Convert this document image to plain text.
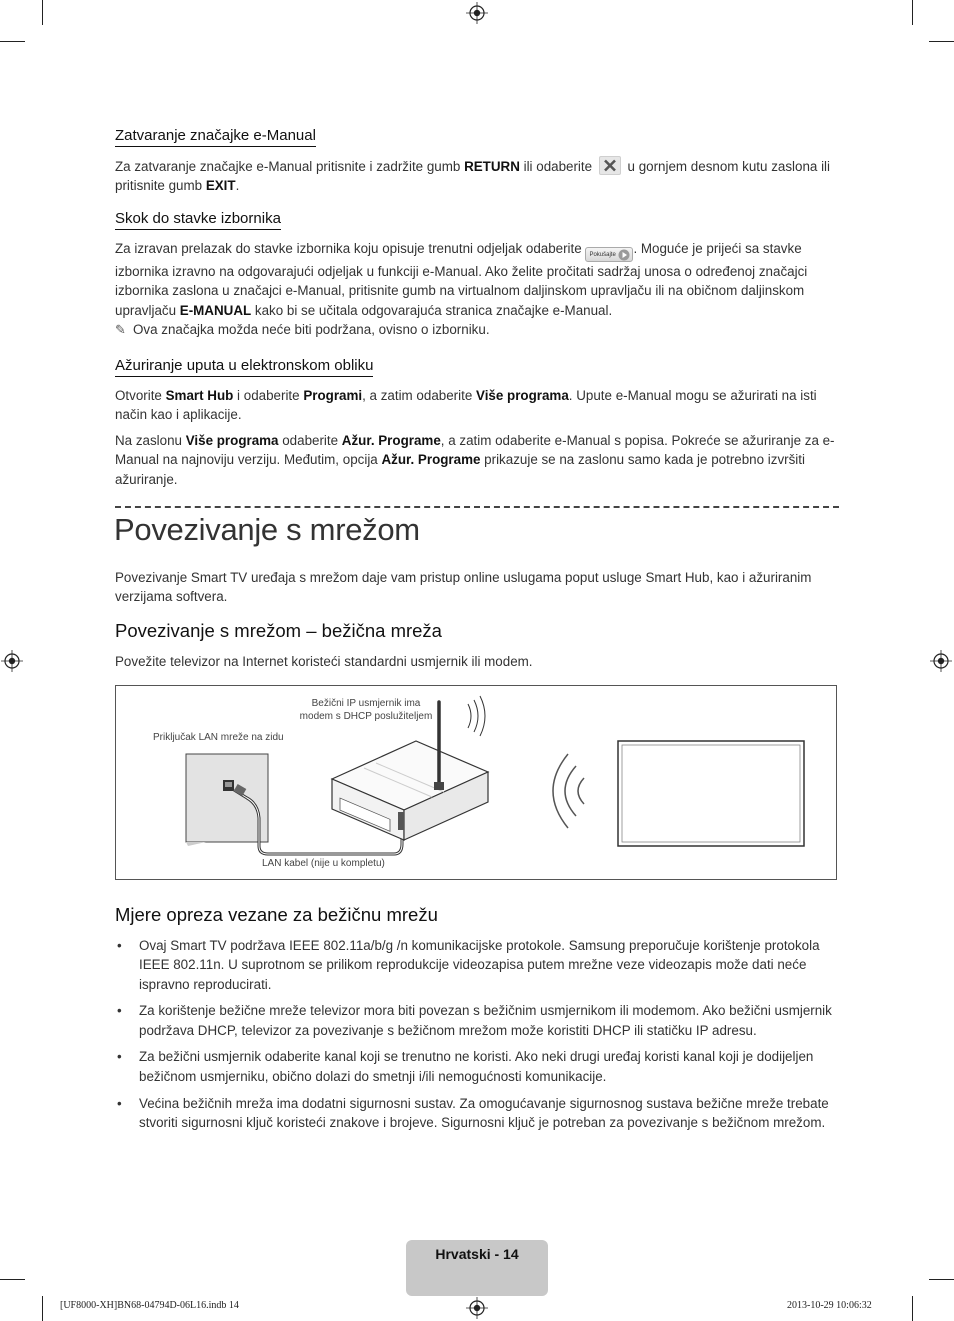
Zatvaranje značajke e-Manual
Za zatvaranje značajke e-Manual pritisnite i zadržite gumb RETURN ili odaberite
u gornjem desnom kutu zaslona ili pritisnite gumb EXIT.
Skok do stavke izbornika
Za izravan prelazak do stavke izbornika koju opisuje trenutni odjeljak odaberite Pokušajte . Moguće je prijeći sa stavke izbornika izravno na odgovarajući odjeljak u funkciji e-Manual. Ako želite pročitati sadržaj unosa o određenoj značajci izbornika zaslona u značajci e-Manual, pritisnite gumb na virtualnom daljinskom upravljaču ili na običnom daljinskom upravljaču E-MANUAL kako bi se učitala odgovarajuća stranica značajke e-Manual.
✎ Ova značajka možda neće biti podržana, ovisno o izborniku.
Ažuriranje uputa u elektronskom obliku
Otvorite Smart Hub i odaberite Programi, a zatim odaberite Više programa. Upute e-Manual mogu se ažurirati na isti način kao i aplikacije.
Na zaslonu Više programa odaberite Ažur. Programe, a zatim odaberite e-Manual s popisa. Pokreće se ažuriranje za e-Manual na najnoviju verziju. Međutim, opcija Ažur. Programe prikazuje se na zaslonu samo kada je potrebno izvršiti ažuriranje.
Povezivanje s mrežom
Povezivanje Smart TV uređaja s mrežom daje vam pristup online uslugama poput usluge Smart Hub, kao i ažuriranim verzijama softvera.
Povezivanje s mrežom – bežična mreža
Povežite televizor na Internet koristeći standardni usmjernik ili modem.
Bežični IP usmjernik ima
modem s DHCP poslužiteljem
Priključak LAN mreže na zidu
LAN kabel (nije u kompletu)
Mjere opreza vezane za bežičnu mrežu
• Ovaj Smart TV podržava IEEE 802.11a/b/g /n komunikacijske protokole. Samsung preporučuje korištenje protokola IEEE 802.11n. U suprotnom se prilikom reprodukcije videozapisa putem mrežne veze videozapis može dati neće ispravno reproducirati.
• Za korištenje bežične mreže televizor mora biti povezan s bežičnim usmjernikom ili modemom. Ako bežični usmjernik podržava DHCP, televizor za povezivanje s bežičnom mrežom može koristiti DHCP ili statičku IP adresu.
• Za bežični usmjernik odaberite kanal koji se trenutno ne koristi. Ako neki drugi uređaj koristi kanal koji je dodijeljen bežičnom usmjerniku, obično dolazi do smetnji i/ili nemogućnosti komunikacije.
• Većina bežičnih mreža ima dodatni sigurnosni sustav. Za omogućavanje sigurnosnog sustava bežične mreže trebate stvoriti sigurnosni ključ koristeći znakove i brojeve. Sigurnosni ključ je potreban za povezivanje s bežičnom mrežom.
Hrvatski - 14
[UF8000-XH]BN68-04794D-06L16.indb 14	2013-10-29 10:06:32
